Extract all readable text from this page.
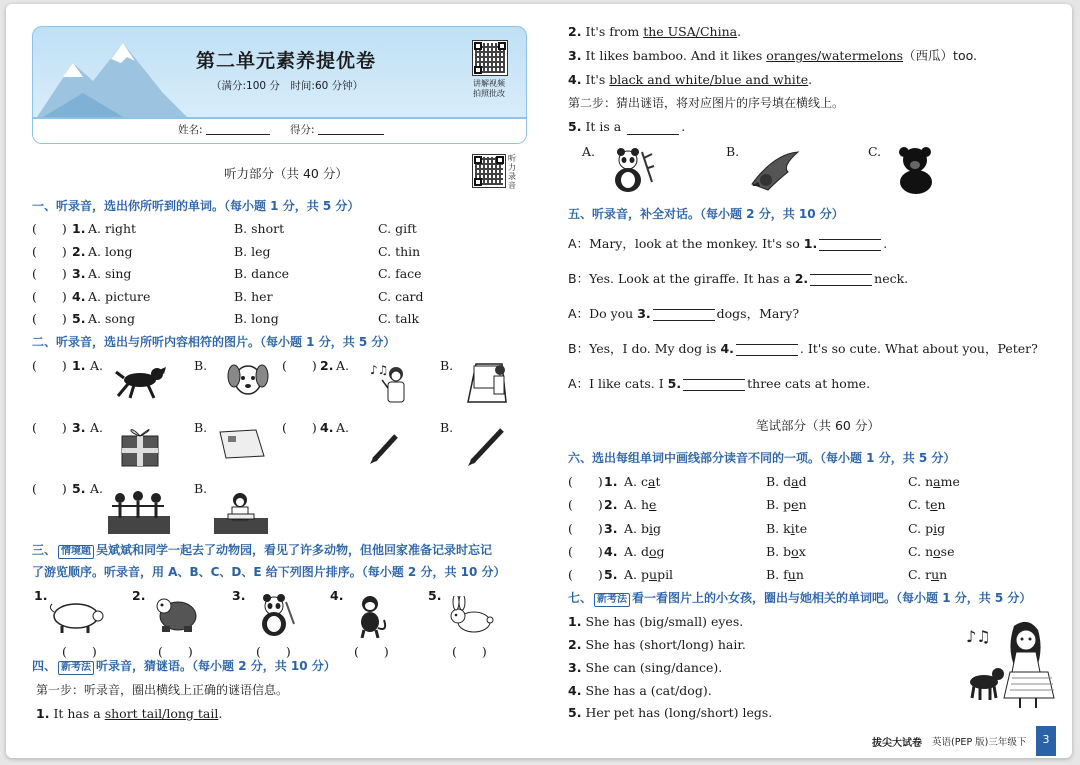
第二单元素养提优卷
（满分:100 分　时间:60 分钟）	讲解视频
拍照批改
姓名:	得分:
听力部分（共 40 分）
听力录音
一、听录音，选出你所听到的单词。（每小题 1 分，共 5 分）
(　　) 1. A. right	B. short	C. gift
(　　) 2. A. long	B. leg	C. thin
(　　) 3. A. sing	B. dance	C. face
(　　) 4. A. picture	B. her	C. card
(　　) 5. A. song	B. long	C. talk
二、听录音，选出与所听内容相符的图片。（每小题 1 分，共 5 分）
(　　) 1. A.	B.	(　　) 2. A. ♪♫	B.
(　　) 3. A.	B.	(　　) 4. A.	B.
(　　) 5. A.	B.
三、 情境题 吴斌斌和同学一起去了动物园，看见了许多动物，但他回家准备记录时忘记
了游览顺序。听录音，用 A、B、C、D、E 给下列图片排序。（每小题 2 分，共 10 分）
1.
(　　)
2.
(　　)
3.
(　　)
4.
(　　)
5.
(　　)
四、 新考法 听录音，猜谜语。（每小题 2 分，共 10 分）
第一步：听录音，圈出横线上正确的谜语信息。
1. It has a short tail/long tail.
2. It's from the USA/China.
3. It likes bamboo. And it likes oranges/watermelons（西瓜）too.
4. It's black and white/blue and white.
第二步：猜出谜语，将对应图片的序号填在横线上。
5. It is a	.
A.	B.	C.
五、听录音，补全对话。（每小题 2 分，共 10 分）
A：Mary，look at the monkey. It's so 1.	.
B：Yes. Look at the giraffe. It has a 2.	neck.
A：Do you 3.	dogs，Mary?
B：Yes，I do. My dog is 4.	. It's so cute. What about you，Peter?
A：I like cats. I 5.	three cats at home.
笔试部分（共 60 分）
六、选出每组单词中画线部分读音不同的一项。（每小题 1 分，共 5 分）
(　　) 1. A. cat	B. dad	C. name
(　　) 2. A. he	B. pen	C. ten
(　　) 3. A. big	B. kite	C. pig
(　　) 4. A. dog	B. box	C. nose
(　　) 5. A. pupil	B. fun	C. run
七、 新考法 看一看图片上的小女孩，圈出与她相关的单词吧。（每小题 1 分，共 5 分）
1. She has (big/small) eyes.
2. She has (short/long) hair.
3. She can (sing/dance).
4. She has a (cat/dog).
5. Her pet has (long/short) legs.
♪♫
拔尖大试卷 英语(PEP 版)三年级下	3
